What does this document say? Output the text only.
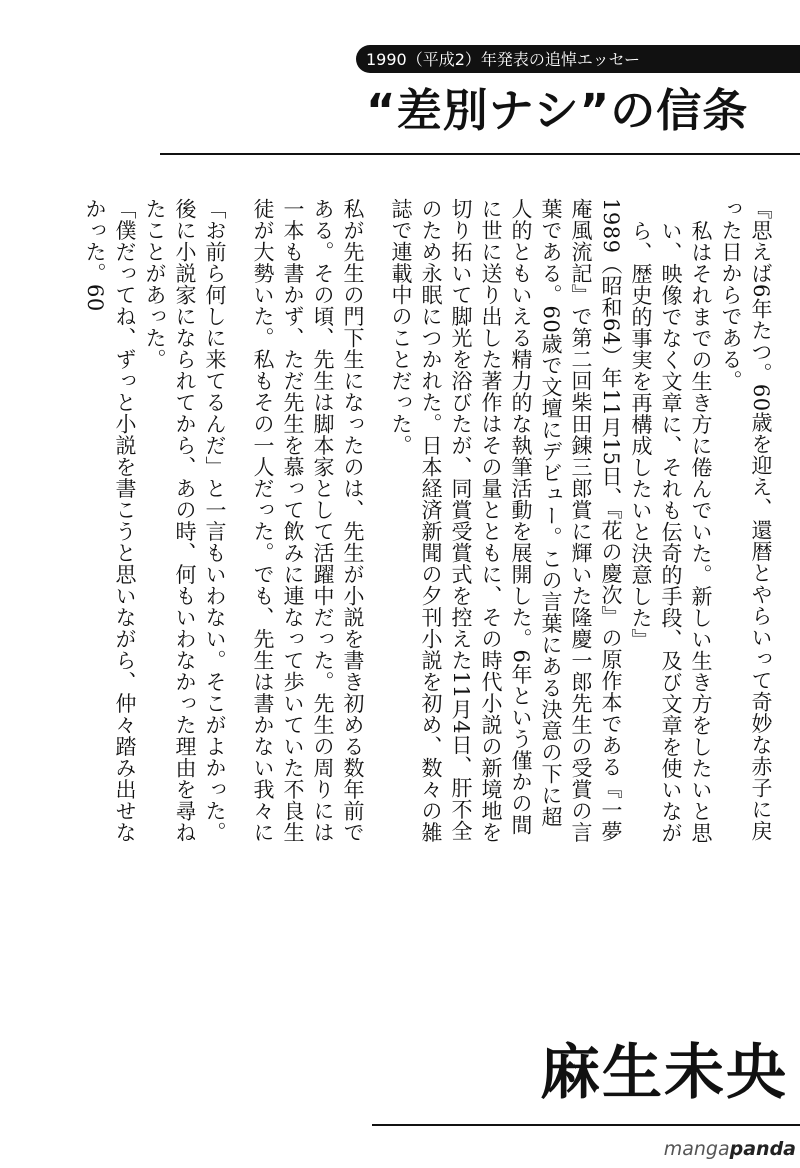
1990（平成2）年発表の追悼エッセー
“差別ナシ”の信条
『思えば6年たつ。60歳を迎え、還暦とやらいって奇妙な赤子に戻った日からである。
私はそれまでの生き方に倦んでいた。新しい生き方をしたいと思い、映像でなく文章に、それも伝奇的手段、及び文章を使いながら、歴史的事実を再構成したいと決意した』
1989（昭和64）年11月15日、『花の慶次』の原作本である『一夢庵風流記』で第二回柴田錬三郎賞に輝いた隆慶一郎先生の受賞の言葉である。60歳で文壇にデビュー。この言葉にある決意の下に超人的ともいえる精力的な執筆活動を展開した。6年という僅かの間に世に送り出した著作はその量とともに、その時代小説の新境地を切り拓いて脚光を浴びたが、同賞受賞式を控えた11月4日、肝不全のため永眠につかれた。日本経済新聞の夕刊小説を初め、数々の雑誌で連載中のことだった。
私が先生の門下生になったのは、先生が小説を書き初める数年前である。その頃、先生は脚本家として活躍中だった。先生の周りには一本も書かず、ただ先生を慕って飲みに連なって歩いていた不良生徒が大勢いた。私もその一人だった。でも、先生は書かない我々に
「お前ら何しに来てるんだ」と一言もいわない。そこがよかった。
後に小説家になられてから、あの時、何もいわなかった理由を尋ねたことがあった。
「僕だってね、ずっと小説を書こうと思いながら、仲々踏み出せなかった。60
麻生未央
mangapanda
